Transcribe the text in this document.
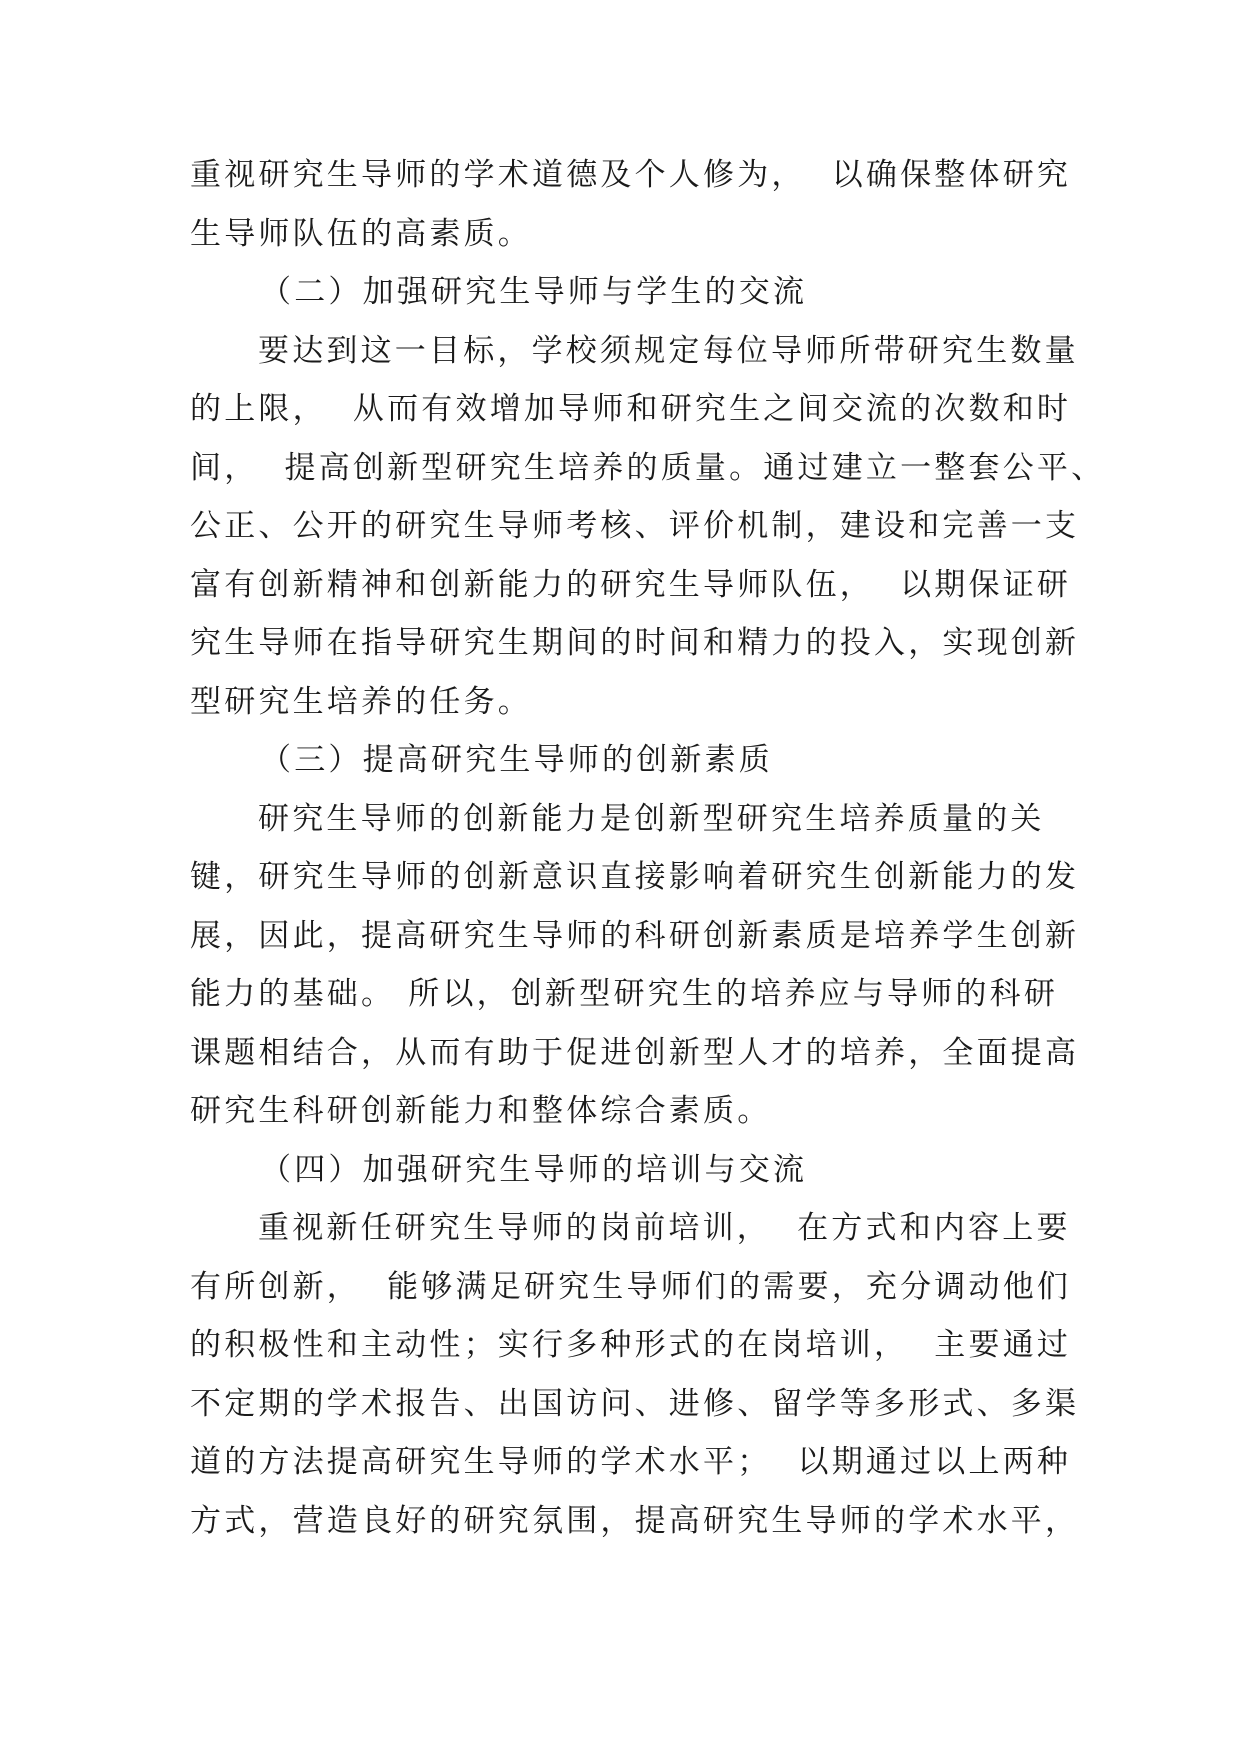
重视研究生导师的学术道德及个人修为，  以确保整体研究
生导师队伍的高素质。
（二）加强研究生导师与学生的交流
要达到这一目标，学校须规定每位导师所带研究生数量
的上限，  从而有效增加导师和研究生之间交流的次数和时
间，  提高创新型研究生培养的质量。通过建立一整套公平、
公正、公开的研究生导师考核、评价机制，建设和完善一支
富有创新精神和创新能力的研究生导师队伍，  以期保证研
究生导师在指导研究生期间的时间和精力的投入，实现创新
型研究生培养的任务。
（三）提高研究生导师的创新素质
研究生导师的创新能力是创新型研究生培养质量的关
键，研究生导师的创新意识直接影响着研究生创新能力的发
展，因此，提高研究生导师的科研创新素质是培养学生创新
能力的基础。 所以，创新型研究生的培养应与导师的科研
课题相结合，从而有助于促进创新型人才的培养，全面提高
研究生科研创新能力和整体综合素质。
（四）加强研究生导师的培训与交流
重视新任研究生导师的岗前培训，  在方式和内容上要
有所创新，  能够满足研究生导师们的需要，充分调动他们
的积极性和主动性；实行多种形式的在岗培训，  主要通过
不定期的学术报告、出国访问、进修、留学等多形式、多渠
道的方法提高研究生导师的学术水平；  以期通过以上两种
方式，营造良好的研究氛围，提高研究生导师的学术水平，
